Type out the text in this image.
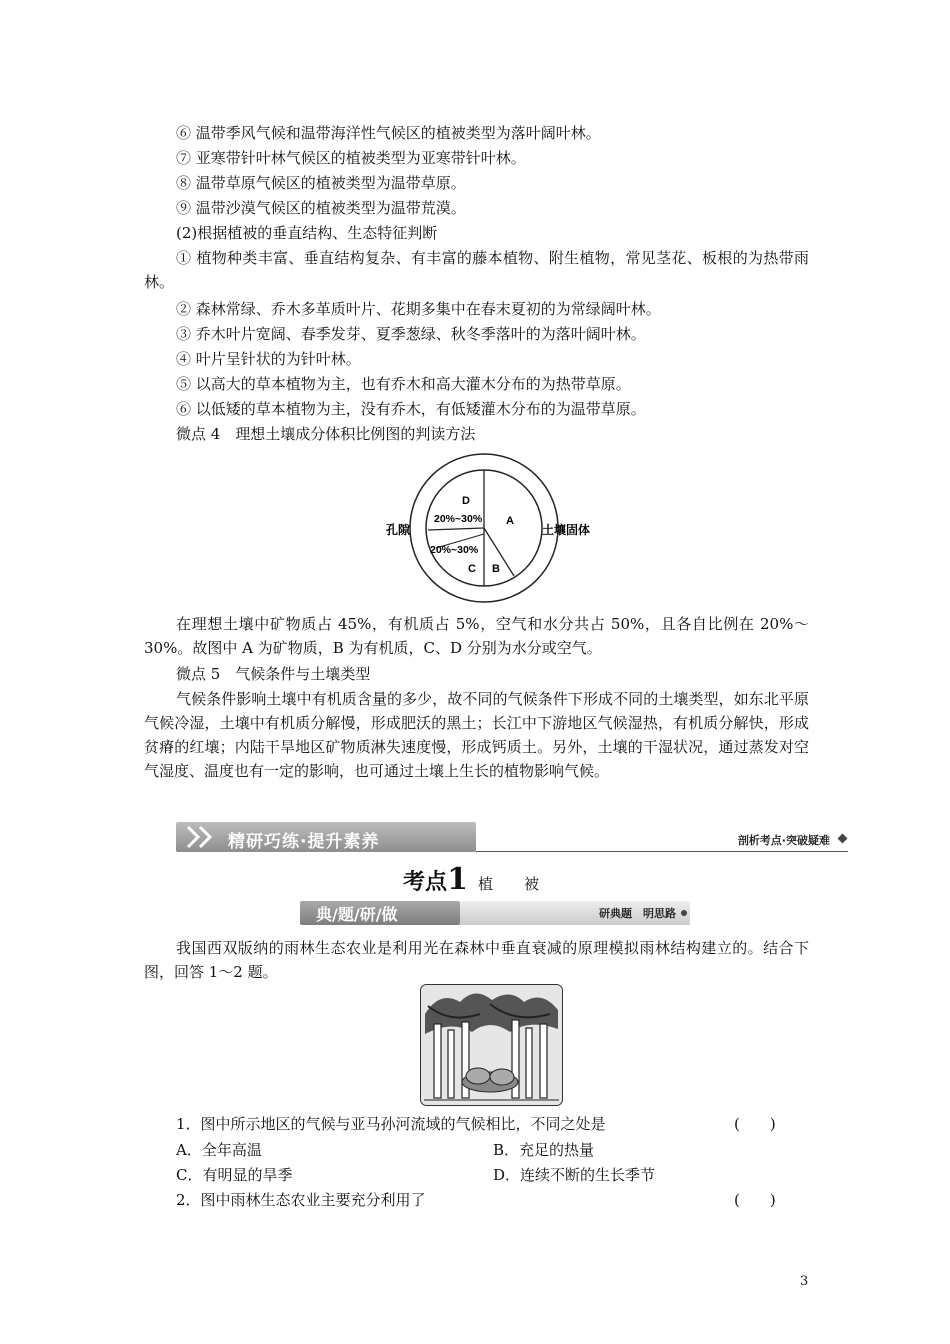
⑥ 温带季风气候和温带海洋性气候区的植被类型为落叶阔叶林。
⑦ 亚寒带针叶林气候区的植被类型为亚寒带针叶林。
⑧ 温带草原气候区的植被类型为温带草原。
⑨ 温带沙漠气候区的植被类型为温带荒漠。
(2)根据植被的垂直结构、生态特征判断
① 植物种类丰富、垂直结构复杂、有丰富的藤本植物、附生植物，常见茎花、板根的为热带雨林。
② 森林常绿、乔木多革质叶片、花期多集中在春末夏初的为常绿阔叶林。
③ 乔木叶片宽阔、春季发芽、夏季葱绿、秋冬季落叶的为落叶阔叶林。
④ 叶片呈针状的为针叶林。
⑤ 以高大的草本植物为主，也有乔木和高大灌木分布的为热带草原。
⑥ 以低矮的草本植物为主，没有乔木，有低矮灌木分布的为温带草原。
微点 4　理想土壤成分体积比例图的判读方法
D
20%~30%
20%~30%
C
A
B
孔隙	土壤固体
在理想土壤中矿物质占 45%，有机质占 5%，空气和水分共占 50%，且各自比例在 20%～30%。故图中 A 为矿物质，B 为有机质，C、D 分别为水分或空气。
微点 5　气候条件与土壤类型
气候条件影响土壤中有机质含量的多少，故不同的气候条件下形成不同的土壤类型，如东北平原气候冷湿，土壤中有机质分解慢，形成肥沃的黑土；长江中下游地区气候湿热，有机质分解快，形成贫瘠的红壤；内陆干旱地区矿物质淋失速度慢，形成钙质土。另外，土壤的干湿状况，通过蒸发对空气湿度、温度也有一定的影响，也可通过土壤上生长的植物影响气候。
精研巧练·提升素养	剖析考点·突破疑难
考点1 植　被
典/题/研/做	研典题　明思路
我国西双版纳的雨林生态农业是利用光在森林中垂直衰减的原理模拟雨林结构建立的。结合下图，回答 1～2 题。
1．图中所示地区的气候与亚马孙河流域的气候相比，不同之处是	(　　)
A．全年高温	B．充足的热量
C．有明显的旱季	D．连续不断的生长季节
2．图中雨林生态农业主要充分利用了	(　　)
3
